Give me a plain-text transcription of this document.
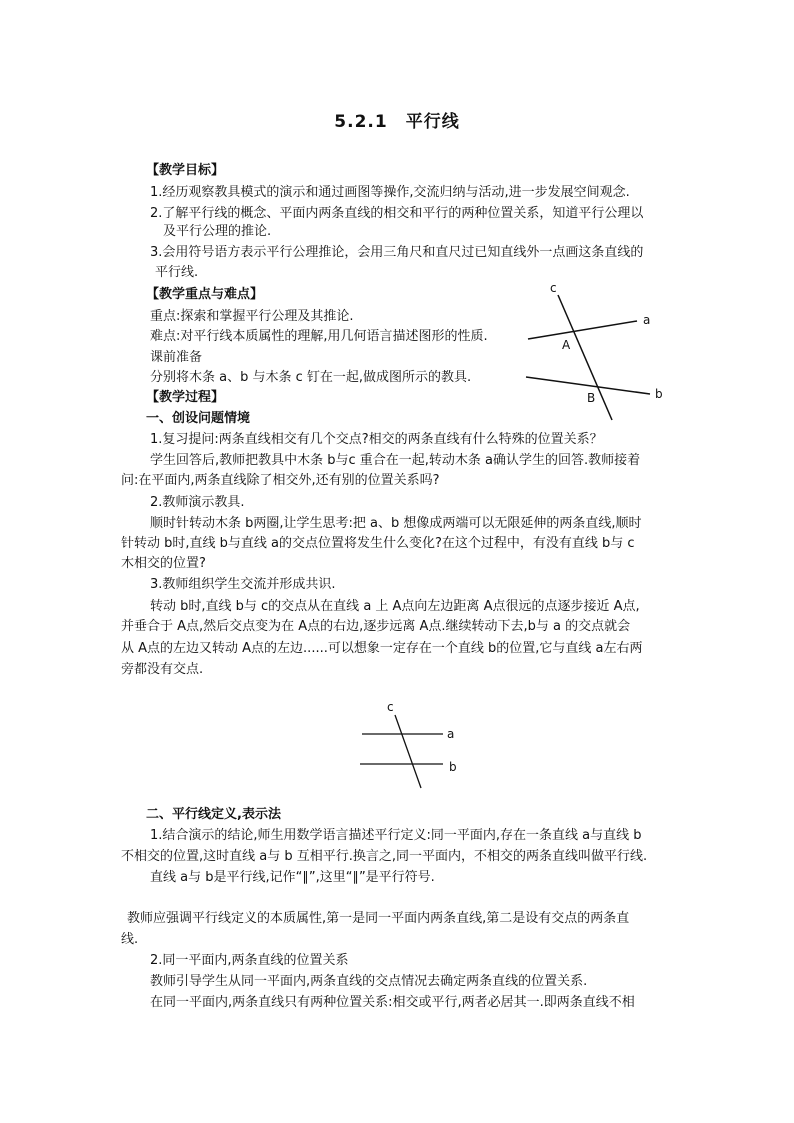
5.2.1　平行线
【教学目标】
1.经历观察教具模式的演示和通过画图等操作,交流归纳与活动,进一步发展空间观念.
2.了解平行线的概念、平面内两条直线的相交和平行的两种位置关系，知道平行公理以
及平行公理的推论.
3.会用符号语方表示平行公理推论，会用三角尺和直尺过已知直线外一点画这条直线的
平行线.
【教学重点与难点】
重点:探索和掌握平行公理及其推论.
难点:对平行线本质属性的理解,用几何语言描述图形的性质.
课前准备
分别将木条 a、b 与木条 c 钉在一起,做成图所示的教具.
【教学过程】
一、创设问题情境
1.复习提问:两条直线相交有几个交点?相交的两条直线有什么特殊的位置关系？
学生回答后,教师把教具中木条 b与c 重合在一起,转动木条 a确认学生的回答.教师接着
问:在平面内,两条直线除了相交外,还有别的位置关系吗?
2.教师演示教具.
顺时针转动木条 b两圈,让学生思考:把 a、b 想像成两端可以无限延伸的两条直线,顺时
针转动 b时,直线 b与直线 a的交点位置将发生什么变化?在这个过程中，有没有直线 b与 c
木相交的位置?
3.教师组织学生交流并形成共识.
转动 b时,直线 b与 c的交点从在直线 a 上 A点向左边距离 A点很远的点逐步接近 A点,
并垂合于 A点,然后交点变为在 A点的右边,逐步远离 A点.继续转动下去,b与 a 的交点就会
从 A点的左边又转动 A点的左边......可以想象一定存在一个直线 b的位置,它与直线 a左右两
旁都没有交点.
二、平行线定义,表示法
1.结合演示的结论,师生用数学语言描述平行定义:同一平面内,存在一条直线 a与直线 b
不相交的位置,这时直线 a与 b 互相平行.换言之,同一平面内，不相交的两条直线叫做平行线.
直线 a与 b是平行线,记作“∥”,这里“∥”是平行符号.
教师应强调平行线定义的本质属性,第一是同一平面内两条直线,第二是设有交点的两条直
线.
2.同一平面内,两条直线的位置关系
教师引导学生从同一平面内,两条直线的交点情况去确定两条直线的位置关系.
在同一平面内,两条直线只有两种位置关系:相交或平行,两者必居其一.即两条直线不相
c
a
b
A
B
c
a
b
